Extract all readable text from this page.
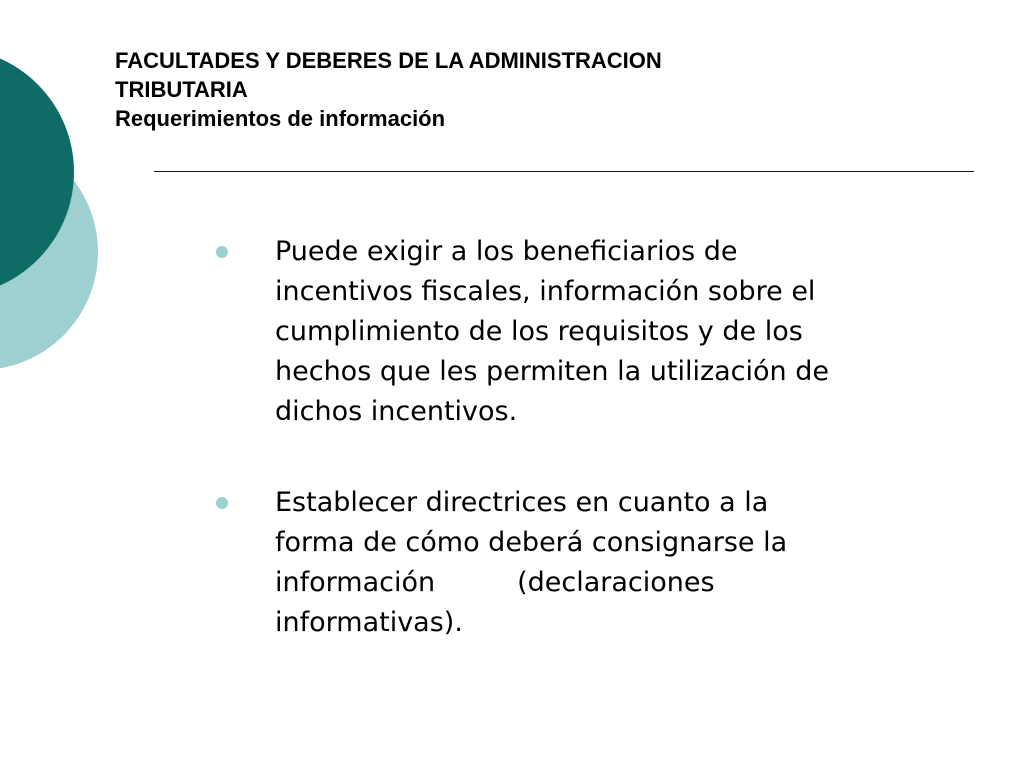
FACULTADES Y DEBERES DE LA ADMINISTRACION
TRIBUTARIA
Requerimientos de información
Puede exigir a los beneficiarios de
incentivos fiscales, información sobre el
cumplimiento de los requisitos y de los
hechos que les permiten la utilización de
dichos incentivos.
Establecer directrices en cuanto a la
forma de cómo deberá consignarse la
información	(declaraciones
informativas).
